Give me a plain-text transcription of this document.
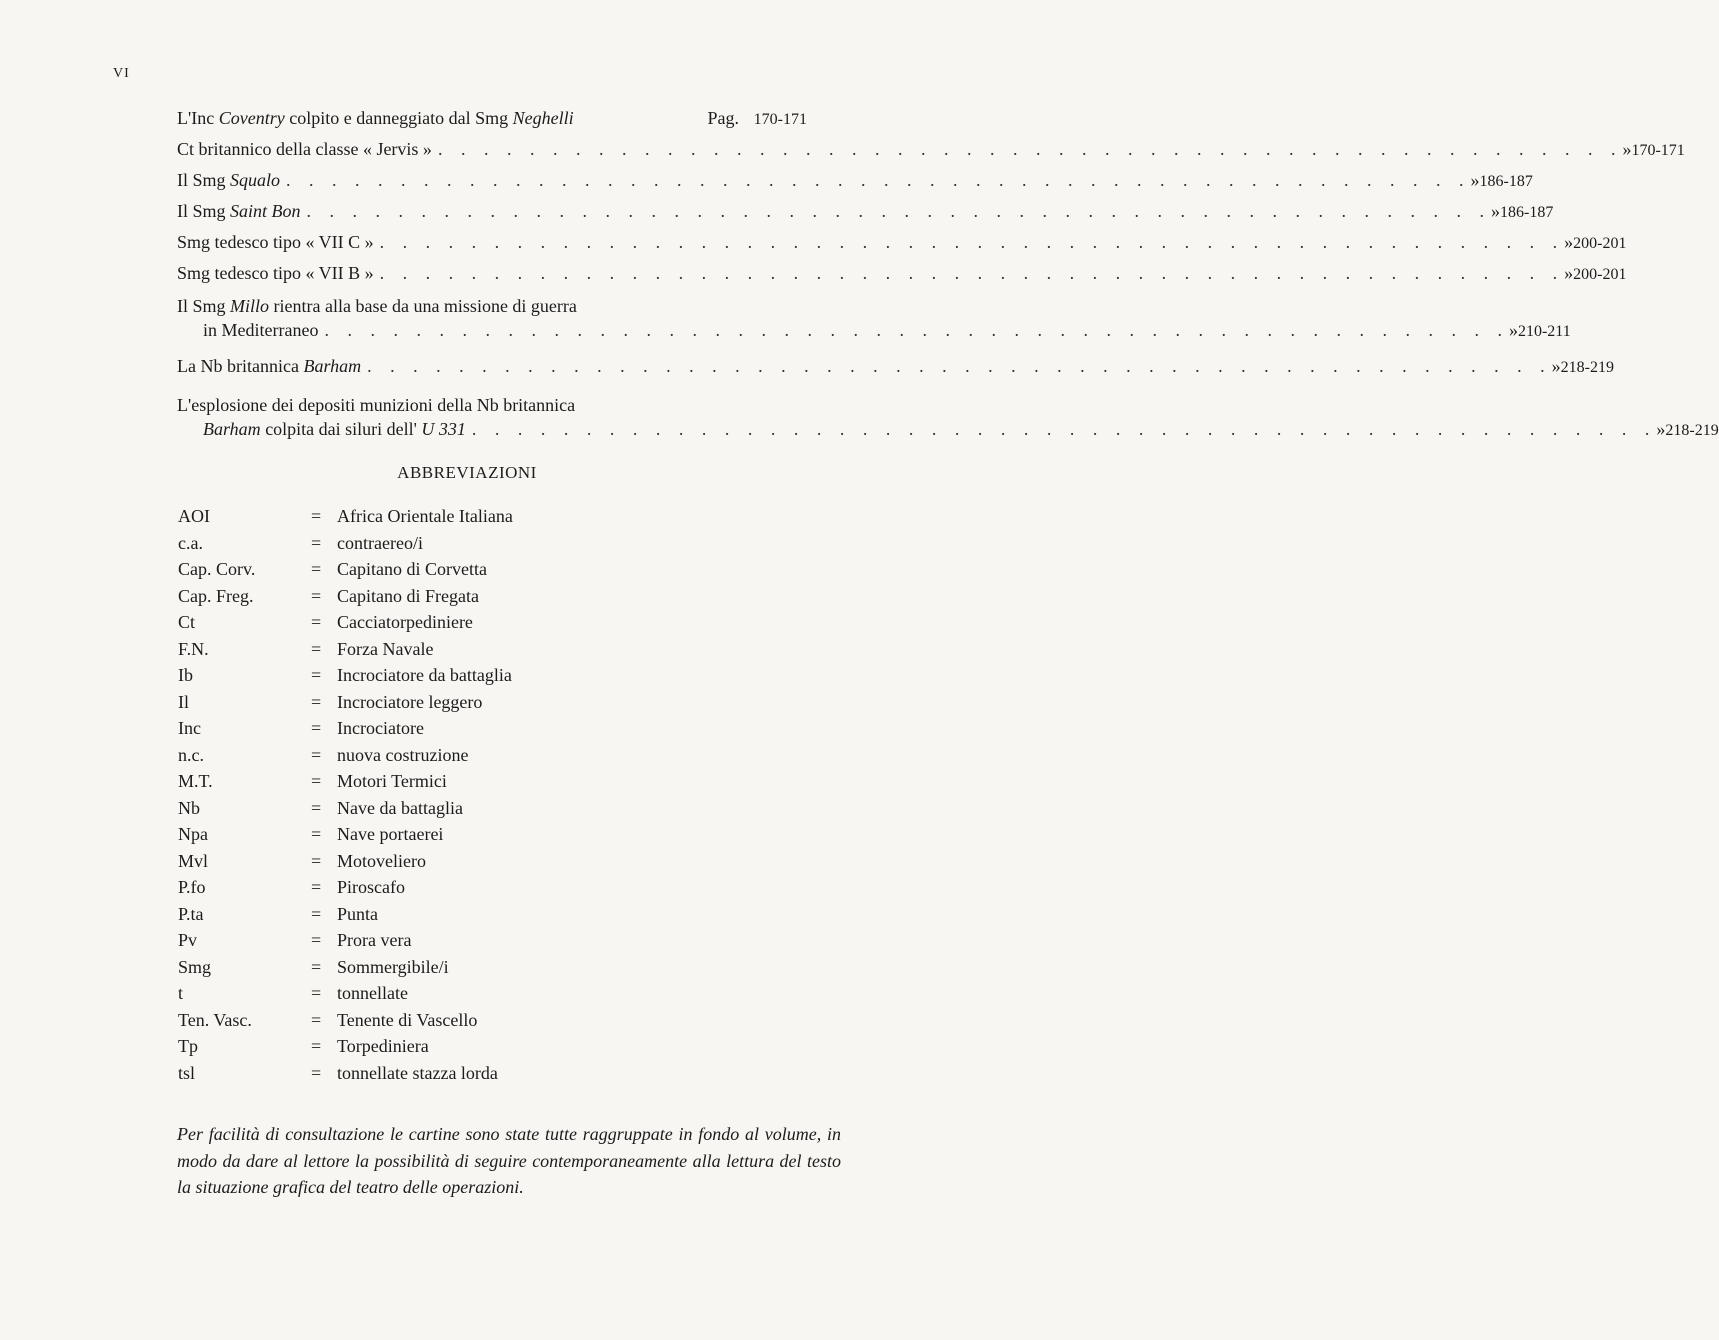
VI
L'Inc Coventry colpito e danneggiato dal Smg Neghelli	Pag. 170-171
Ct britannico della classe « Jervis » . . .	» 170-171
Il Smg Squalo . . .	» 186-187
Il Smg Saint Bon . . .	» 186-187
Smg tedesco tipo « VII C » . . .	» 200-201
Smg tedesco tipo « VII B » . . .	» 200-201
Il Smg Millo rientra alla base da una missione di guerra
in Mediterraneo . . .	» 210-211
La Nb britannica Barham . . .	» 218-219
L'esplosione dei depositi munizioni della Nb britannica
Barham colpita dai siluri dell' U 331 . . .	» 218-219
ABBREVIAZIONI
AOI	= Africa Orientale Italiana
c.a.	= contraereo/i
Cap. Corv.	= Capitano di Corvetta
Cap. Freg.	= Capitano di Fregata
Ct	= Cacciatorpediniere
F.N.	= Forza Navale
Ib	= Incrociatore da battaglia
Il	= Incrociatore leggero
Inc	= Incrociatore
n.c.	= nuova costruzione
M.T.	= Motori Termici
Nb	= Nave da battaglia
Npa	= Nave portaerei
Mvl	= Motoveliero
P.fo	= Piroscafo
P.ta	= Punta
Pv	= Prora vera
Smg	= Sommergibile/i
t	= tonnellate
Ten. Vasc.	= Tenente di Vascello
Tp	= Torpediniera
tsl	= tonnellate stazza lorda
Per facilità di consultazione le cartine sono state tutte raggruppate in fondo al volume, in modo da dare al lettore la possibilità di seguire contemporaneamente alla lettura del testo la situazione grafica del teatro delle operazioni.
